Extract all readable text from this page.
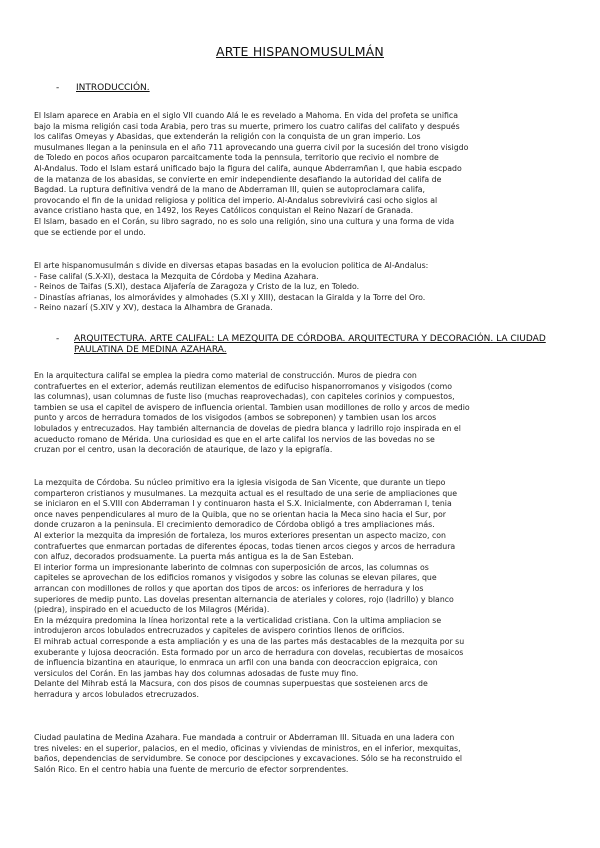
ARTE HISPANOMUSULMÁN
-	INTRODUCCIÓN.
El Islam aparece en Arabia en el siglo VII cuando Alá le es revelado a Mahoma. En vida del profeta se unifica
bajo la misma religión casi toda Arabia, pero tras su muerte, primero los cuatro califas del califato y después
los califas Omeyas y Abasidas, que extenderán la religión con la conquista de un gran imperio. Los
musulmanes llegan a la peninsula en el año 711 aprovecando una guerra civil por la sucesión del trono visigdo
de Toledo en pocos años ocuparon parcaitcamente toda la pennsula, territorio que recivio el nombre de
Al-Andalus. Todo el Islam estará unificado bajo la figura del califa, aunque Abderramñan I, que habia escpado
de la matanza de los abasidas, se convierte en emir independiente desafiando la autoridad del califa de
Bagdad. La ruptura definitiva vendrá de la mano de Abderraman III, quien se autoproclamara califa,
provocando el fin de la unidad religiosa y politica del imperio. Al-Andalus sobrevivirá casi ocho siglos al
avance cristiano hasta que, en 1492, los Reyes Católicos conquistan el Reino Nazarí de Granada.
El Islam, basado en el Corán, su libro sagrado, no es solo una religión, sino una cultura y una forma de vida
que se ectiende por el undo.
El arte hispanomusulmán s divide en diversas etapas basadas en la evolucion politica de Al-Andalus:
- Fase califal (S.X-XI), destaca la Mezquita de Córdoba y Medina Azahara.
- Reinos de Taifas (S.XI), destaca Aljafería de Zaragoza y Cristo de la luz, en Toledo.
- Dinastías afrianas, los almorávides y almohades (S.XI y XIII), destacan la Giralda y la Torre del Oro.
- Reino nazarí (S.XIV y XV), destaca la Alhambra de Granada.
-	ARQUITECTURA. ARTE CALIFAL: LA MEZQUITA DE CÓRDOBA. ARQUITECTURA Y DECORACIÓN. LA CIUDAD
PAULATINA DE MEDINA AZAHARA.
En la arquitectura califal se emplea la piedra como material de construcción. Muros de piedra con
contrafuertes en el exterior, además reutilizan elementos de edifuciso hispanorromanos y visigodos (como
las columnas), usan columnas de fuste liso (muchas reaprovechadas), con capiteles corinios y compuestos,
tambien se usa el capitel de avispero de influencia oriental. Tambien usan modillones de rollo y arcos de medio
punto y arcos de herradura tomados de los visigodos (ambos se sobreponen) y tambien usan los arcos
lobulados y entrecuzados. Hay también alternancia de dovelas de piedra blanca y ladrillo rojo inspirada en el
acueducto romano de Mérida. Una curiosidad es que en el arte califal los nervios de las bovedas no se
cruzan por el centro, usan la decoración de ataurique, de lazo y la epigrafía.
La mezquita de Córdoba. Su núcleo primitivo era la iglesia visigoda de San Vicente, que durante un tiepo
comparteron cristianos y musulmanes. La mezquita actual es el resultado de una serie de ampliaciones que
se iniciaron en el S.VIII con Abderraman I y continuaron hasta el S.X. Inicialmente, con Abderraman I, tenia
once naves penpendiculares al muro de la Quibla, que no se orientan hacia la Meca sino hacia el Sur, por
donde cruzaron a la peninsula. El crecimiento demoradico de Córdoba obligó a tres ampliaciones más.
Al exterior la mezquita da impresión de fortaleza, los muros exteriores presentan un aspecto macizo, con
contrafuertes que enmarcan portadas de diferentes épocas, todas tienen arcos ciegos y arcos de herradura
con alfuz, decorados prodsuamente. La puerta más antigua es la de San Esteban.
El interior forma un impresionante laberinto de colmnas con superposición de arcos, las columnas os
capiteles se aprovechan de los edificios romanos y visigodos y sobre las colunas se elevan pilares, que
arrancan con modillones de rollos y que aportan dos tipos de arcos: os inferiores de herradura y los
superiores de medip punto. Las dovelas presentan alternancia de ateriales y colores, rojo (ladrillo) y blanco
(piedra), inspirado en el acueducto de los Milagros (Mérida).
En la mézquira predomina la línea horizontal rete a la verticalidad cristiana. Con la ultima ampliacion se
introdujeron arcos lobulados entrecruzados y capiteles de avispero corintios llenos de orificios.
El mihrab actual corresponde a esta ampliación y es una de las partes más destacables de la mezquita por su
exuberante y lujosa deocración. Esta formado por un arco de herradura con dovelas, recubiertas de mosaicos
de influencia bizantina en ataurique, lo enmraca un arfil con una banda con deocraccion epigraica, con
versiculos del Corán. En las jambas hay dos columnas adosadas de fuste muy fino.
Delante del Mihrab está la Macsura, con dos pisos de coumnas superpuestas que sosteienen arcs de
herradura y arcos lobulados etrecruzados.
Ciudad paulatina de Medina Azahara. Fue mandada a contruir or Abderraman III. Situada en una ladera con
tres niveles: en el superior, palacios, en el medio, oficinas y viviendas de ministros, en el inferior, mexquitas,
baños, dependencias de servidumbre. Se conoce por descipciones y excavaciones. Sólo se ha reconstruido el
Salón Rico. En el centro habia una fuente de mercurio de efector sorprendentes.
